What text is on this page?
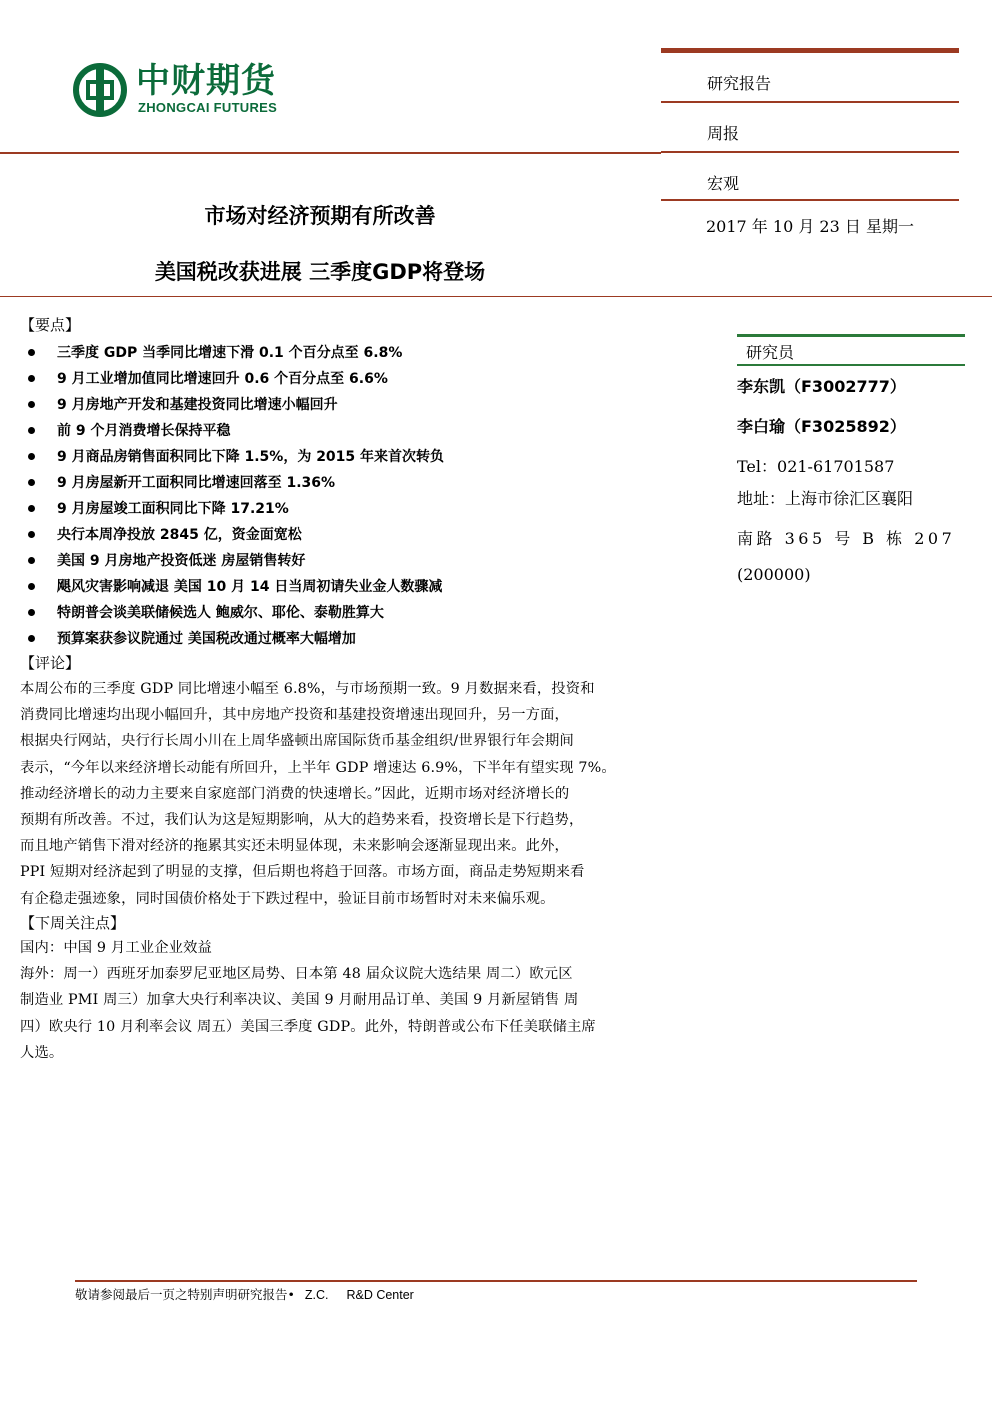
中财期货
ZHONGCAI FUTURES
研究报告
周报
宏观
2017 年 10 月 23 日 星期一
市场对经济预期有所改善
美国税改获进展 三季度GDP将登场
研究员
李东凯（F3002777）
李白瑜（F3025892）
Tel：021-61701587
地址：上海市徐汇区襄阳
南路 365 号 B 栋 207
(200000)
【要点】
三季度 GDP 当季同比增速下滑 0.1 个百分点至 6.8%
9 月工业增加值同比增速回升 0.6 个百分点至 6.6%
9 月房地产开发和基建投资同比增速小幅回升
前 9 个月消费增长保持平稳
9 月商品房销售面积同比下降 1.5%，为 2015 年来首次转负
9 月房屋新开工面积同比增速回落至 1.36%
9 月房屋竣工面积同比下降 17.21%
央行本周净投放 2845 亿，资金面宽松
美国 9 月房地产投资低迷 房屋销售转好
飓风灾害影响减退 美国 10 月 14 日当周初请失业金人数骤减
特朗普会谈美联储候选人 鲍威尔、耶伦、泰勒胜算大
预算案获参议院通过 美国税改通过概率大幅增加
【评论】

本周公布的三季度 GDP 同比增速小幅至 6.8%，与市场预期一致。9 月数据来看，投资和

消费同比增速均出现小幅回升，其中房地产投资和基建投资增速出现回升，另一方面，

根据央行网站，央行行长周小川在上周华盛顿出席国际货币基金组织/世界银行年会期间

表示，“今年以来经济增长动能有所回升，上半年 GDP 增速达 6.9%，下半年有望实现 7%。

推动经济增长的动力主要来自家庭部门消费的快速增长。”因此，近期市场对经济增长的

预期有所改善。不过，我们认为这是短期影响，从大的趋势来看，投资增长是下行趋势，

而且地产销售下滑对经济的拖累其实还未明显体现，未来影响会逐渐显现出来。此外，

PPI 短期对经济起到了明显的支撑，但后期也将趋于回落。市场方面，商品走势短期来看

有企稳走强迹象，同时国债价格处于下跌过程中，验证目前市场暂时对未来偏乐观。

【下周关注点】

国内：中国 9 月工业企业效益

海外：周一）西班牙加泰罗尼亚地区局势、日本第 48 届众议院大选结果 周二）欧元区

制造业 PMI 周三）加拿大央行利率决议、美国 9 月耐用品订单、美国 9 月新屋销售 周

四）欧央行 10 月利率会议 周五）美国三季度 GDP。此外，特朗普或公布下任美联储主席

人选。

敬请参阅最后一页之特别声明研究报告• Z.C. R&D Center
